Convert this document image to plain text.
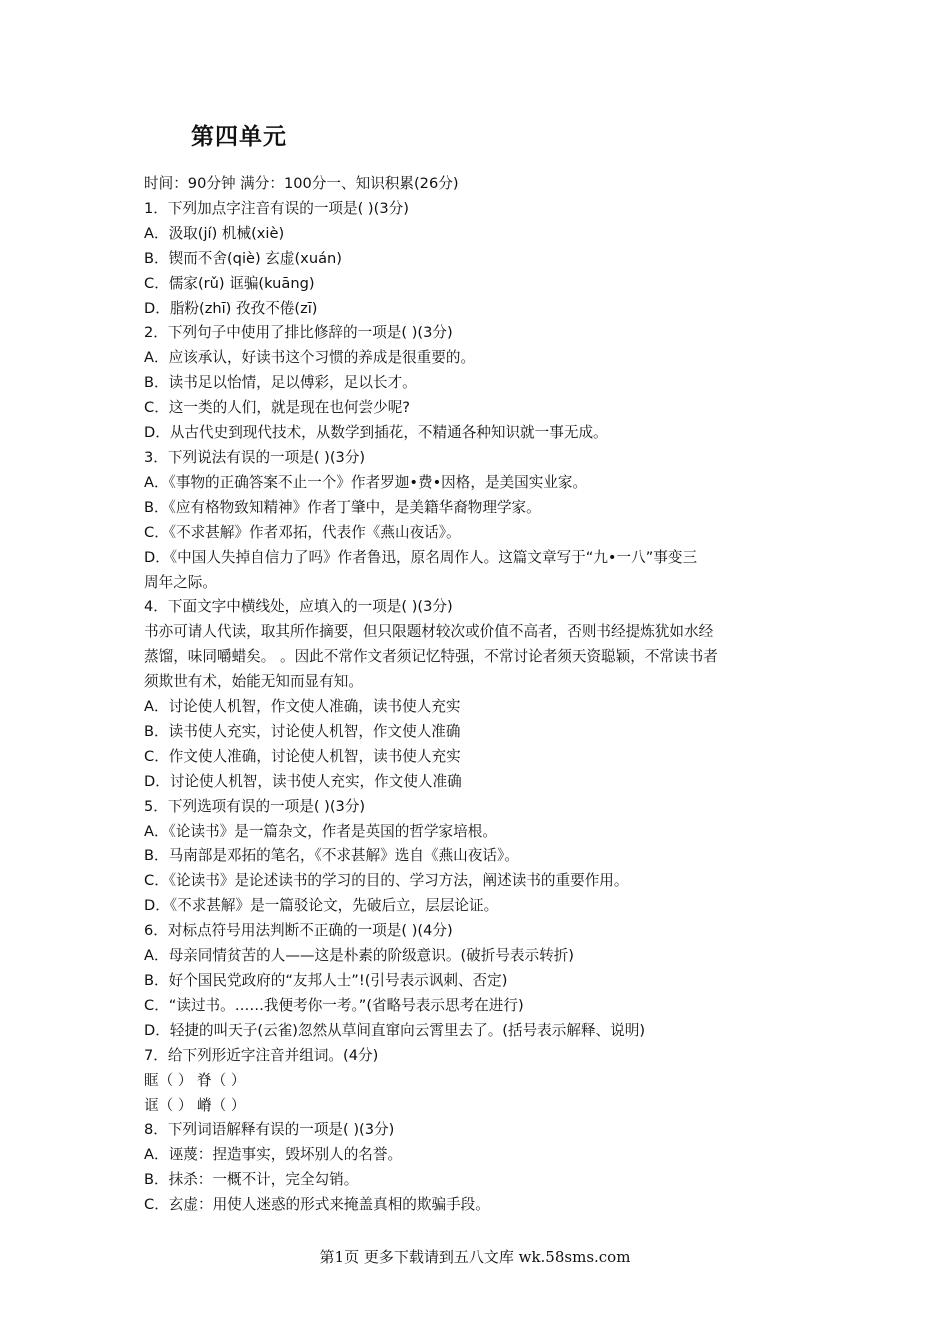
第四单元
时间：90分钟 满分：100分一、知识积累(26分)
1．下列加点字注音有误的一项是( )(3分)
A．汲取(jí) 机械(xiè)
B．锲而不舍(qiè) 玄虚(xuán)
C．儒家(rǔ) 诓骗(kuāng)
D．脂粉(zhī) 孜孜不倦(zī)
2．下列句子中使用了排比修辞的一项是( )(3分)
A．应该承认，好读书这个习惯的养成是很重要的。
B．读书足以怡情，足以傅彩，足以长才。
C．这一类的人们，就是现在也何尝少呢?
D．从古代史到现代技术，从数学到插花，不精通各种知识就一事无成。
3．下列说法有误的一项是( )(3分)
A．《事物的正确答案不止一个》作者罗迦•费•因格，是美国实业家。
B．《应有格物致知精神》作者丁肇中，是美籍华裔物理学家。
C．《不求甚解》作者邓拓，代表作《燕山夜话》。
D．《中国人失掉自信力了吗》作者鲁迅，原名周作人。这篇文章写于“九•一八”事变三
周年之际。
4．下面文字中横线处，应填入的一项是( )(3分)
书亦可请人代读，取其所作摘要，但只限题材较次或价值不高者，否则书经提炼犹如水经
蒸馏，味同嚼蜡矣。 。因此不常作文者须记忆特强，不常讨论者须天资聪颖，不常读书者
须欺世有术，始能无知而显有知。
A．讨论使人机智，作文使人准确，读书使人充实
B．读书使人充实，讨论使人机智，作文使人准确
C．作文使人准确，讨论使人机智，读书使人充实
D．讨论使人机智，读书使人充实，作文使人准确
5．下列选项有误的一项是( )(3分)
A．《论读书》是一篇杂文，作者是英国的哲学家培根。
B．马南部是邓拓的笔名，《不求甚解》选自《燕山夜话》。
C．《论读书》是论述读书的学习的目的、学习方法，阐述读书的重要作用。
D．《不求甚解》是一篇驳论文，先破后立，层层论证。
6．对标点符号用法判断不正确的一项是( )(4分)
A．母亲同情贫苦的人——这是朴素的阶级意识。(破折号表示转折)
B．好个国民党政府的“友邦人士”!(引号表示讽刺、否定)
C．“读过书。……我便考你一考。”(省略号表示思考在进行)
D．轻捷的叫天子(云雀)忽然从草间直窜向云霄里去了。(括号表示解释、说明)
7．给下列形近字注音并组词。(4分)
眶（ ） 脊（ ）
诓（ ） 嵴（ ）
8．下列词语解释有误的一项是( )(3分)
A．诬蔑：捏造事实，毁坏别人的名誉。
B．抹杀：一概不计，完全勾销。
C．玄虚：用使人迷惑的形式来掩盖真相的欺骗手段。
第1页 更多下载请到五八文库 wk.58sms.com
